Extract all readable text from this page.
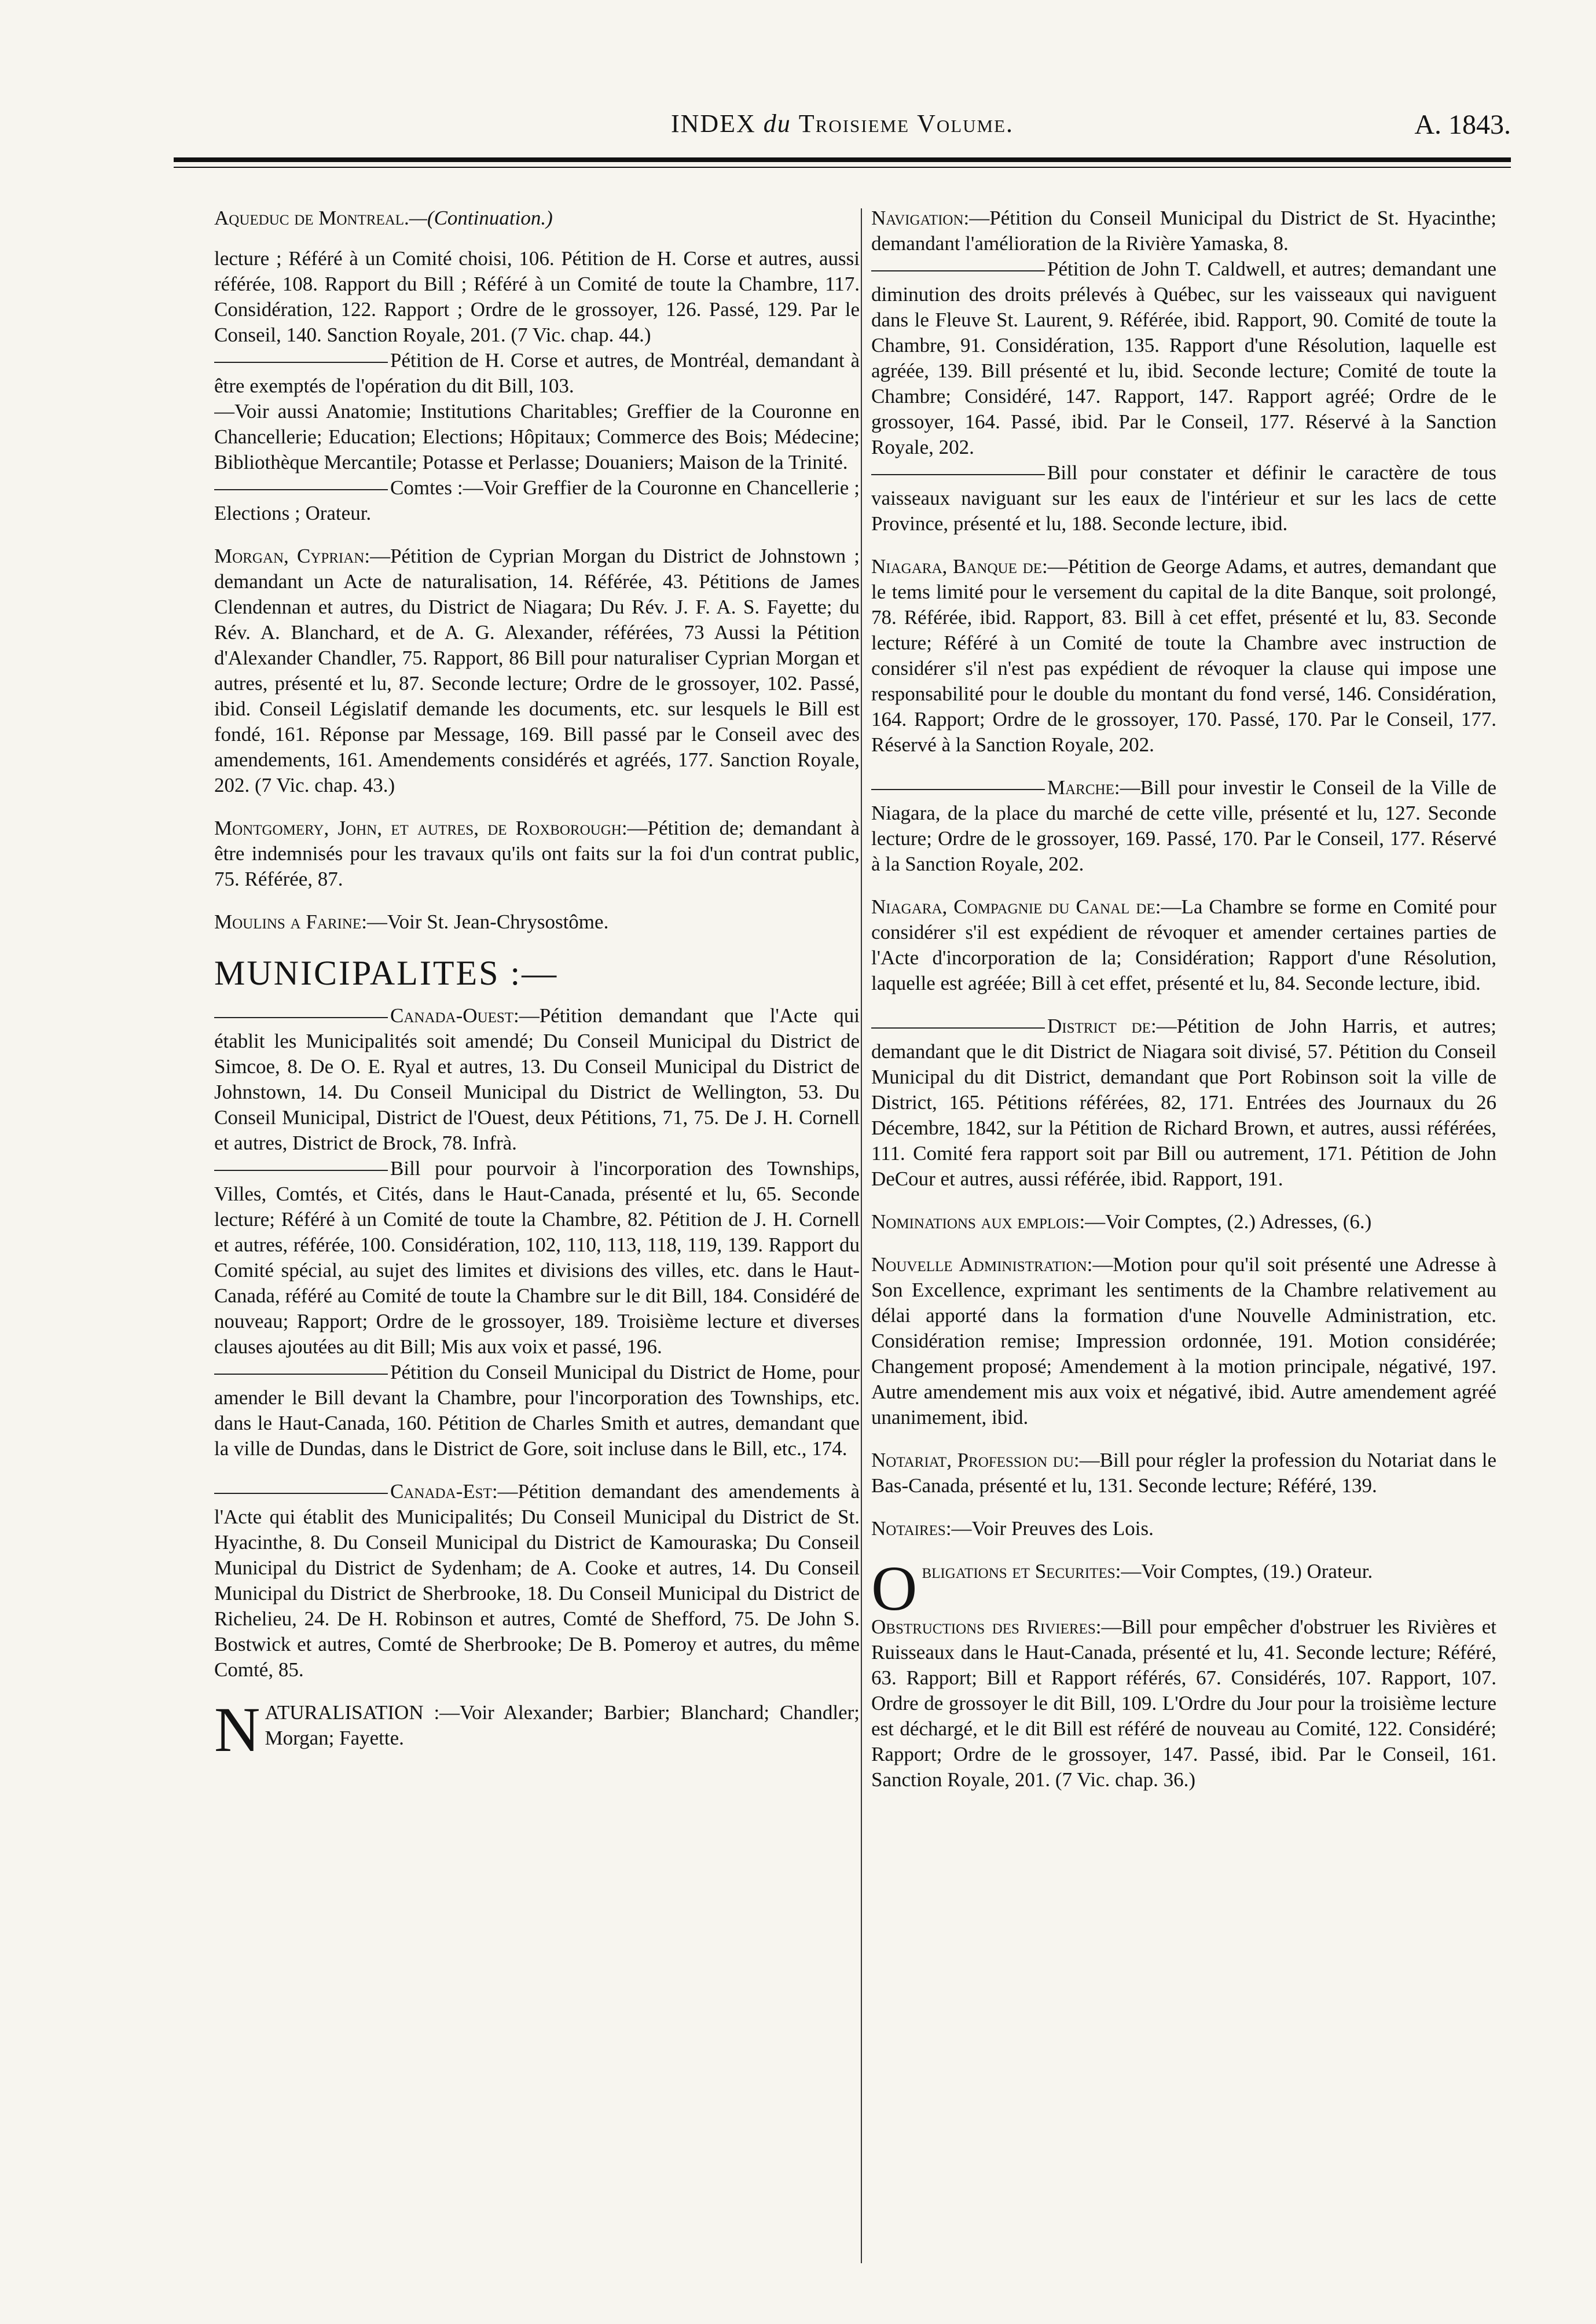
INDEX du Troisieme Volume.	A. 1843.

Aqueduc de Montreal.—(Continuation.)

lecture ; Référé à un Comité choisi, 106. Pétition de H. Corse et autres, aussi référée, 108. Rapport du Bill ; Référé à un Comité de toute la Chambre, 117. Considération, 122. Rapport ; Ordre de le grossoyer, 126. Passé, 129. Par le Conseil, 140. Sanction Royale, 201. (7 Vic. chap. 44.)

Pétition de H. Corse et autres, de Montréal, demandant à être exemptés de l'opération du dit Bill, 103.

—Voir aussi Anatomie; Institutions Charitables; Greffier de la Couronne en Chancellerie; Education; Elections; Hôpitaux; Commerce des Bois; Médecine; Bibliothèque Mercantile; Potasse et Perlasse; Douaniers; Maison de la Trinité.

Comtes :—Voir Greffier de la Couronne en Chancellerie ; Elections ; Orateur.

Morgan, Cyprian:—Pétition de Cyprian Morgan du District de Johnstown ; demandant un Acte de naturalisation, 14. Référée, 43. Pétitions de James Clendennan et autres, du District de Niagara; Du Rév. J. F. A. S. Fayette; du Rév. A. Blanchard, et de A. G. Alexander, référées, 73 Aussi la Pétition d'Alexander Chandler, 75. Rapport, 86 Bill pour naturaliser Cyprian Morgan et autres, présenté et lu, 87. Seconde lecture; Ordre de le grossoyer, 102. Passé, ibid. Conseil Législatif demande les documents, etc. sur lesquels le Bill est fondé, 161. Réponse par Message, 169. Bill passé par le Conseil avec des amendements, 161. Amendements considérés et agréés, 177. Sanction Royale, 202. (7 Vic. chap. 43.)

Montgomery, John, et autres, de Roxborough:—Pétition de; demandant à être indemnisés pour les travaux qu'ils ont faits sur la foi d'un contrat public, 75. Référée, 87.

Moulins a Farine:—Voir St. Jean-Chrysostôme.

MUNICIPALITES :—

Canada-Ouest:—Pétition demandant que l'Acte qui établit les Municipalités soit amendé; Du Conseil Municipal du District de Simcoe, 8. De O. E. Ryal et autres, 13. Du Conseil Municipal du District de Johnstown, 14. Du Conseil Municipal du District de Wellington, 53. Du Conseil Municipal, District de l'Ouest, deux Pétitions, 71, 75. De J. H. Cornell et autres, District de Brock, 78. Infrà.

Bill pour pourvoir à l'incorporation des Townships, Villes, Comtés, et Cités, dans le Haut-Canada, présenté et lu, 65. Seconde lecture; Référé à un Comité de toute la Chambre, 82. Pétition de J. H. Cornell et autres, référée, 100. Considération, 102, 110, 113, 118, 119, 139. Rapport du Comité spécial, au sujet des limites et divisions des villes, etc. dans le Haut-Canada, référé au Comité de toute la Chambre sur le dit Bill, 184. Considéré de nouveau; Rapport; Ordre de le grossoyer, 189. Troisième lecture et diverses clauses ajoutées au dit Bill; Mis aux voix et passé, 196.

Pétition du Conseil Municipal du District de Home, pour amender le Bill devant la Chambre, pour l'incorporation des Townships, etc. dans le Haut-Canada, 160. Pétition de Charles Smith et autres, demandant que la ville de Dundas, dans le District de Gore, soit incluse dans le Bill, etc., 174.

Canada-Est:—Pétition demandant des amendements à l'Acte qui établit des Municipalités; Du Conseil Municipal du District de St. Hyacinthe, 8. Du Conseil Municipal du District de Kamouraska; Du Conseil Municipal du District de Sydenham; de A. Cooke et autres, 14. Du Conseil Municipal du District de Sherbrooke, 18. Du Conseil Municipal du District de Richelieu, 24. De H. Robinson et autres, Comté de Shefford, 75. De John S. Bostwick et autres, Comté de Sherbrooke; De B. Pomeroy et autres, du même Comté, 85.

NATURALISATION :—Voir Alexander; Barbier; Blanchard; Chandler; Morgan; Fayette.

Navigation:—Pétition du Conseil Municipal du District de St. Hyacinthe; demandant l'amélioration de la Rivière Yamaska, 8.

Pétition de John T. Caldwell, et autres; demandant une diminution des droits prélevés à Québec, sur les vaisseaux qui naviguent dans le Fleuve St. Laurent, 9. Référée, ibid. Rapport, 90. Comité de toute la Chambre, 91. Considération, 135. Rapport d'une Résolution, laquelle est agréée, 139. Bill présenté et lu, ibid. Seconde lecture; Comité de toute la Chambre; Considéré, 147. Rapport, 147. Rapport agréé; Ordre de le grossoyer, 164. Passé, ibid. Par le Conseil, 177. Réservé à la Sanction Royale, 202.

Bill pour constater et définir le caractère de tous vaisseaux naviguant sur les eaux de l'intérieur et sur les lacs de cette Province, présenté et lu, 188. Seconde lecture, ibid.

Niagara, Banque de:—Pétition de George Adams, et autres, demandant que le tems limité pour le versement du capital de la dite Banque, soit prolongé, 78. Référée, ibid. Rapport, 83. Bill à cet effet, présenté et lu, 83. Seconde lecture; Référé à un Comité de toute la Chambre avec instruction de considérer s'il n'est pas expédient de révoquer la clause qui impose une responsabilité pour le double du montant du fond versé, 146. Considération, 164. Rapport; Ordre de le grossoyer, 170. Passé, 170. Par le Conseil, 177. Réservé à la Sanction Royale, 202.

Marche:—Bill pour investir le Conseil de la Ville de Niagara, de la place du marché de cette ville, présenté et lu, 127. Seconde lecture; Ordre de le grossoyer, 169. Passé, 170. Par le Conseil, 177. Réservé à la Sanction Royale, 202.

Niagara, Compagnie du Canal de:—La Chambre se forme en Comité pour considérer s'il est expédient de révoquer et amender certaines parties de l'Acte d'incorporation de la; Considération; Rapport d'une Résolution, laquelle est agréée; Bill à cet effet, présenté et lu, 84. Seconde lecture, ibid.

District de:—Pétition de John Harris, et autres; demandant que le dit District de Niagara soit divisé, 57. Pétition du Conseil Municipal du dit District, demandant que Port Robinson soit la ville de District, 165. Pétitions référées, 82, 171. Entrées des Journaux du 26 Décembre, 1842, sur la Pétition de Richard Brown, et autres, aussi référées, 111. Comité fera rapport soit par Bill ou autrement, 171. Pétition de John DeCour et autres, aussi référée, ibid. Rapport, 191.

Nominations aux emplois:—Voir Comptes, (2.) Adresses, (6.)

Nouvelle Administration:—Motion pour qu'il soit présenté une Adresse à Son Excellence, exprimant les sentiments de la Chambre relativement au délai apporté dans la formation d'une Nouvelle Administration, etc. Considération remise; Impression ordonnée, 191. Motion considérée; Changement proposé; Amendement à la motion principale, négativé, 197. Autre amendement mis aux voix et négativé, ibid. Autre amendement agréé unanimement, ibid.

Notariat, Profession du:—Bill pour régler la profession du Notariat dans le Bas-Canada, présenté et lu, 131. Seconde lecture; Référé, 139.

Notaires:—Voir Preuves des Lois.

Obligations et Securites:—Voir Comptes, (19.) Orateur.

Obstructions des Rivieres:—Bill pour empêcher d'obstruer les Rivières et Ruisseaux dans le Haut-Canada, présenté et lu, 41. Seconde lecture; Référé, 63. Rapport; Bill et Rapport référés, 67. Considérés, 107. Rapport, 107. Ordre de grossoyer le dit Bill, 109. L'Ordre du Jour pour la troisième lecture est déchargé, et le dit Bill est référé de nouveau au Comité, 122. Considéré; Rapport; Ordre de le grossoyer, 147. Passé, ibid. Par le Conseil, 161. Sanction Royale, 201. (7 Vic. chap. 36.)
